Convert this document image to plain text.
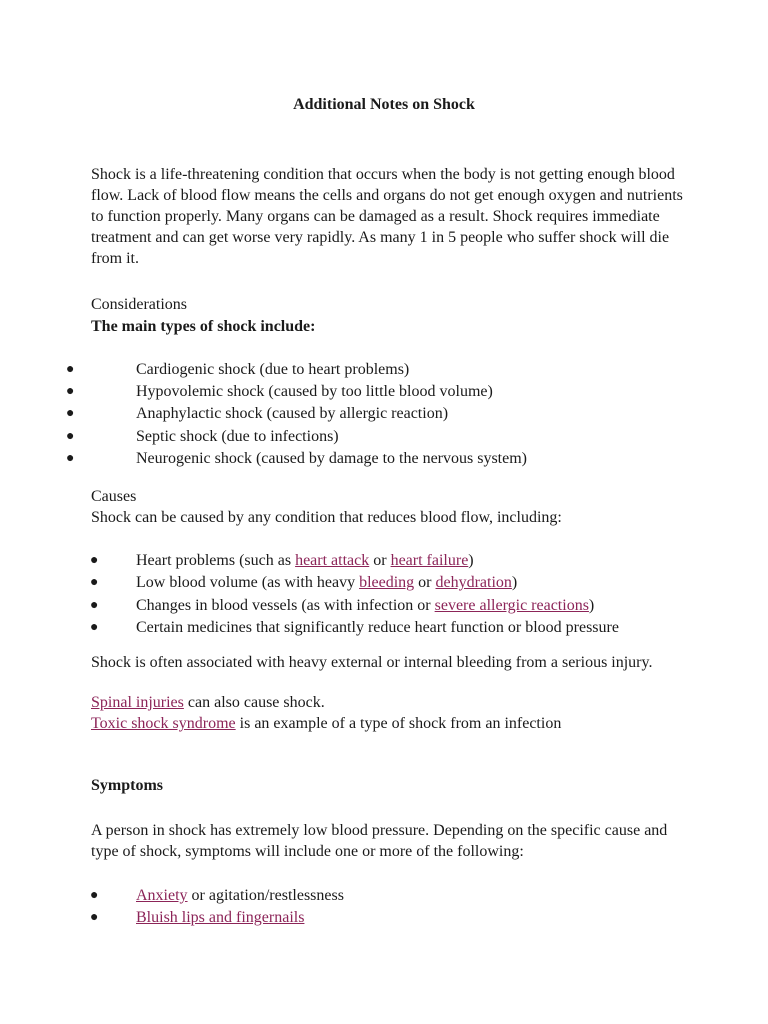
Additional Notes on Shock
Shock is a life-threatening condition that occurs when the body is not getting enough blood flow. Lack of blood flow means the cells and organs do not get enough oxygen and nutrients to function properly. Many organs can be damaged as a result. Shock requires immediate treatment and can get worse very rapidly. As many 1 in 5 people who suffer shock will die from it.
Considerations
The main types of shock include:
●	Cardiogenic shock (due to heart problems)
●	Hypovolemic shock (caused by too little blood volume)
●	Anaphylactic shock (caused by allergic reaction)
●	Septic shock (due to infections)
●	Neurogenic shock (caused by damage to the nervous system)
Causes
Shock can be caused by any condition that reduces blood flow, including:
● Heart problems (such as heart attack or heart failure)
● Low blood volume (as with heavy bleeding or dehydration)
● Changes in blood vessels (as with infection or severe allergic reactions)
● Certain medicines that significantly reduce heart function or blood pressure
Shock is often associated with heavy external or internal bleeding from a serious injury.
Spinal injuries can also cause shock.
Toxic shock syndrome is an example of a type of shock from an infection
Symptoms
A person in shock has extremely low blood pressure. Depending on the specific cause and type of shock, symptoms will include one or more of the following:
● Anxiety or agitation/restlessness
● Bluish lips and fingernails
